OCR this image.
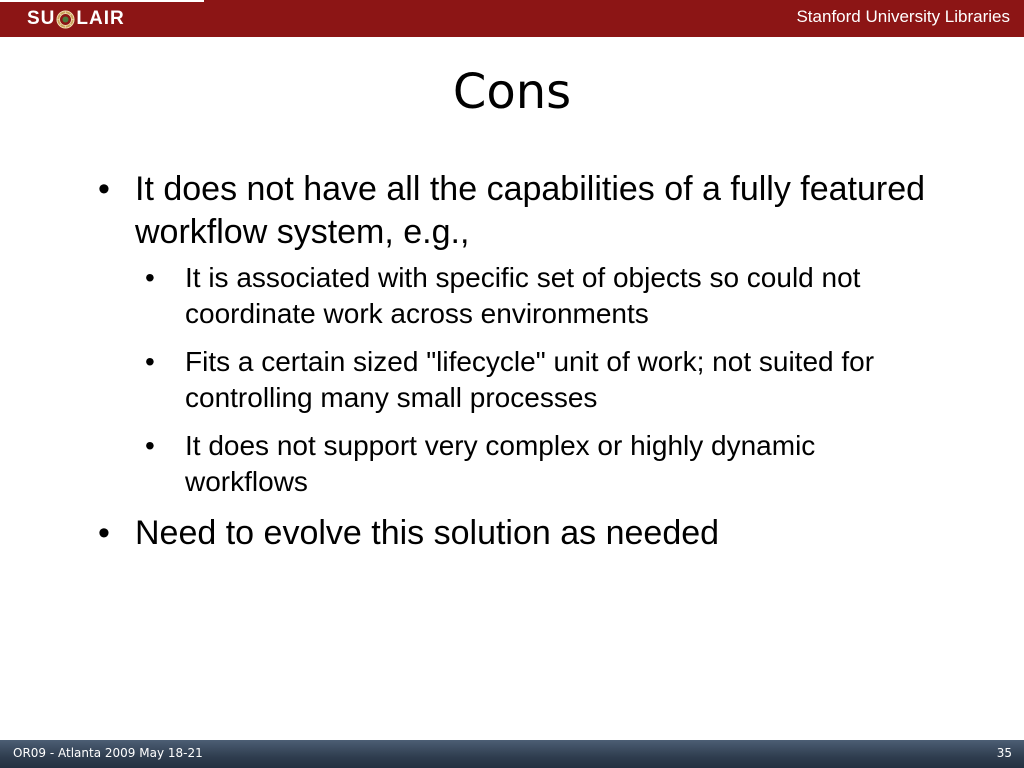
SU LAIR	Stanford University Libraries
Cons
• It does not have all the capabilities of a fully featured workflow system, e.g.,
• It is associated with specific set of objects so could not coordinate work across environments
• Fits a certain sized "lifecycle" unit of work; not suited for controlling many small processes
• It does not support very complex or highly dynamic workflows
• Need to evolve this solution as needed
OR09 - Atlanta 2009 May 18-21	35
